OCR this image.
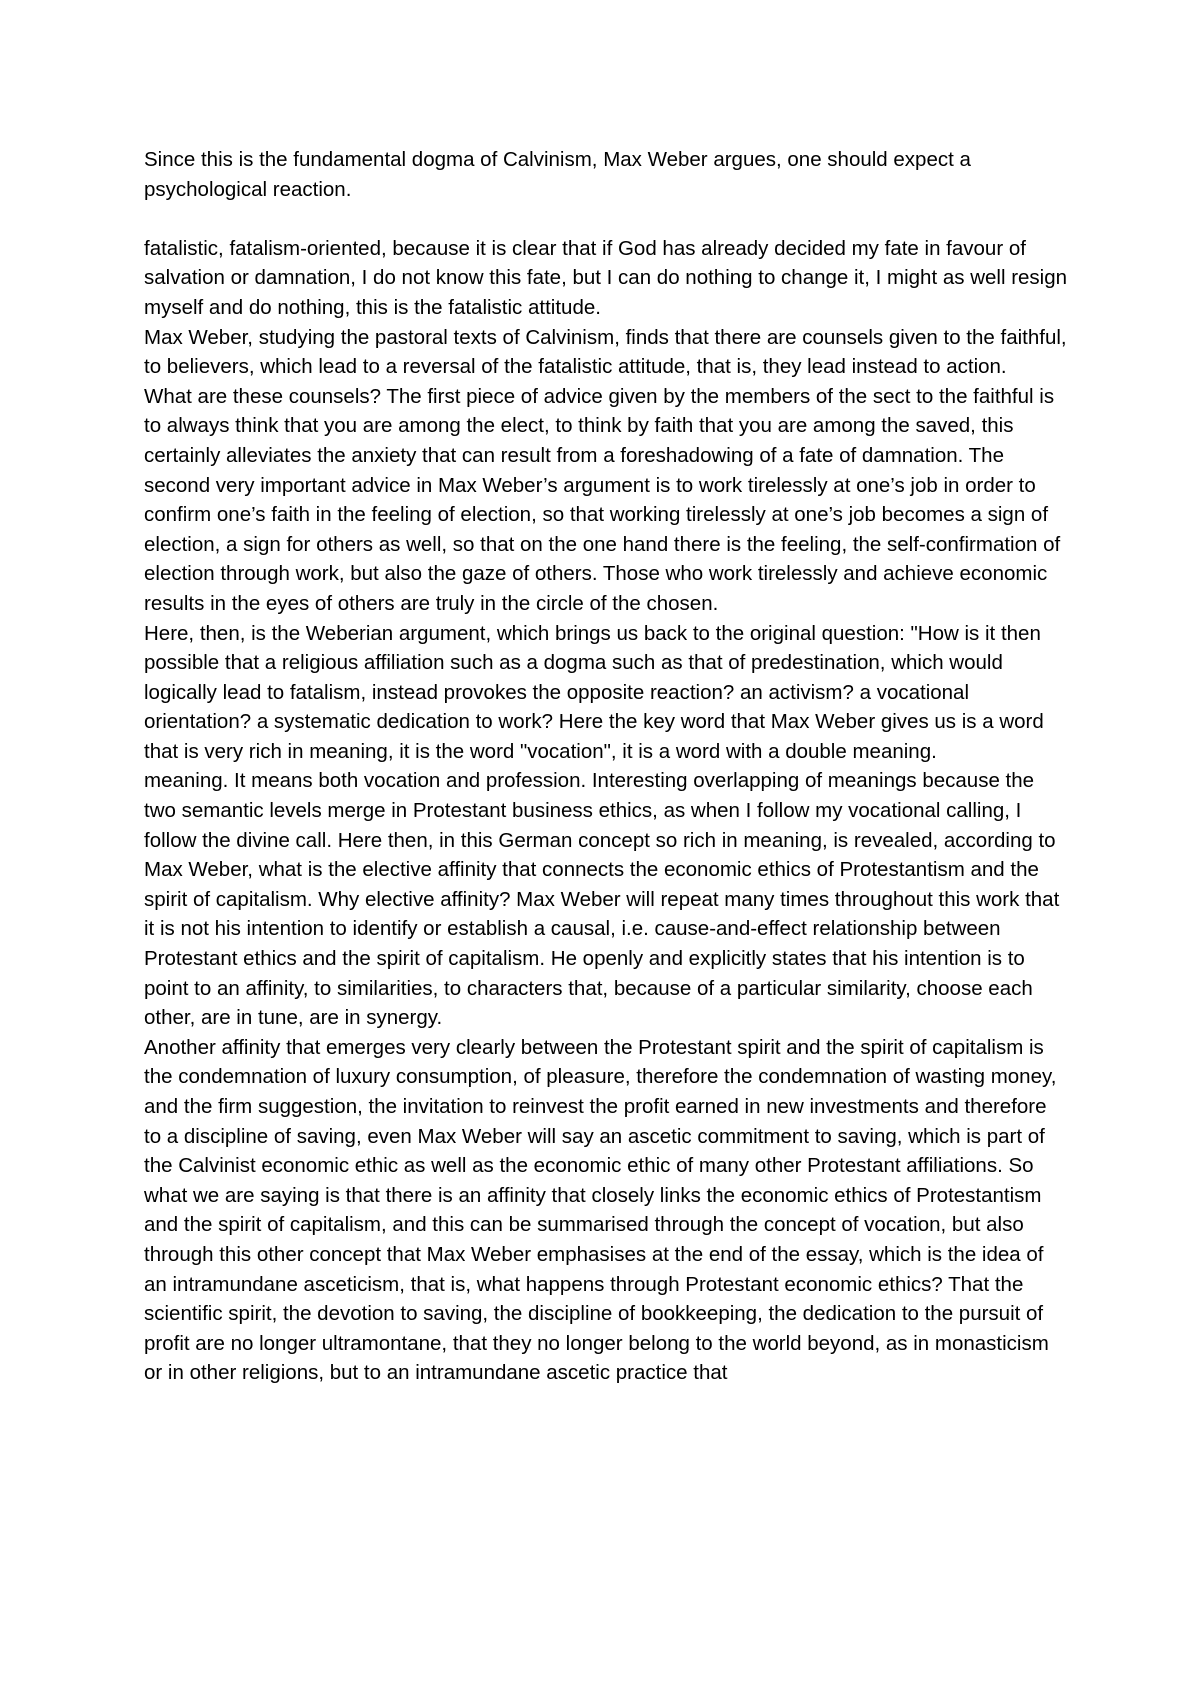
Since this is the fundamental dogma of Calvinism, Max Weber argues, one should expect a psychological reaction.

fatalistic, fatalism-oriented, because it is clear that if God has already decided my fate in favour of salvation or damnation, I do not know this fate, but I can do nothing to change it, I might as well resign myself and do nothing, this is the fatalistic attitude.

Max Weber, studying the pastoral texts of Calvinism, finds that there are counsels given to the faithful, to believers, which lead to a reversal of the fatalistic attitude, that is, they lead instead to action.

What are these counsels? The first piece of advice given by the members of the sect to the faithful is to always think that you are among the elect, to think by faith that you are among the saved, this certainly alleviates the anxiety that can result from a foreshadowing of a fate of damnation. The second very important advice in Max Weber’s argument is to work tirelessly at one’s job in order to confirm one’s faith in the feeling of election, so that working tirelessly at one’s job becomes a sign of election, a sign for others as well, so that on the one hand there is the feeling, the self-confirmation of election through work, but also the gaze of others. Those who work tirelessly and achieve economic results in the eyes of others are truly in the circle of the chosen.

Here, then, is the Weberian argument, which brings us back to the original question: "How is it then possible that a religious affiliation such as a dogma such as that of predestination, which would logically lead to fatalism, instead provokes the opposite reaction? an activism? a vocational orientation? a systematic dedication to work? Here the key word that Max Weber gives us is a word that is very rich in meaning, it is the word "vocation", it is a word with a double meaning.

meaning. It means both vocation and profession. Interesting overlapping of meanings because the two semantic levels merge in Protestant business ethics, as when I follow my vocational calling, I follow the divine call. Here then, in this German concept so rich in meaning, is revealed, according to Max Weber, what is the elective affinity that connects the economic ethics of Protestantism and the spirit of capitalism. Why elective affinity? Max Weber will repeat many times throughout this work that it is not his intention to identify or establish a causal, i.e. cause-and-effect relationship between Protestant ethics and the spirit of capitalism. He openly and explicitly states that his intention is to point to an affinity, to similarities, to characters that, because of a particular similarity, choose each other, are in tune, are in synergy.

Another affinity that emerges very clearly between the Protestant spirit and the spirit of capitalism is the condemnation of luxury consumption, of pleasure, therefore the condemnation of wasting money, and the firm suggestion, the invitation to reinvest the profit earned in new investments and therefore to a discipline of saving, even Max Weber will say an ascetic commitment to saving, which is part of the Calvinist economic ethic as well as the economic ethic of many other Protestant affiliations. So what we are saying is that there is an affinity that closely links the economic ethics of Protestantism and the spirit of capitalism, and this can be summarised through the concept of vocation, but also through this other concept that Max Weber emphasises at the end of the essay, which is the idea of an intramundane asceticism, that is, what happens through Protestant economic ethics? That the scientific spirit, the devotion to saving, the discipline of bookkeeping, the dedication to the pursuit of profit are no longer ultramontane, that they no longer belong to the world beyond, as in monasticism or in other religions, but to an intramundane ascetic practice that
